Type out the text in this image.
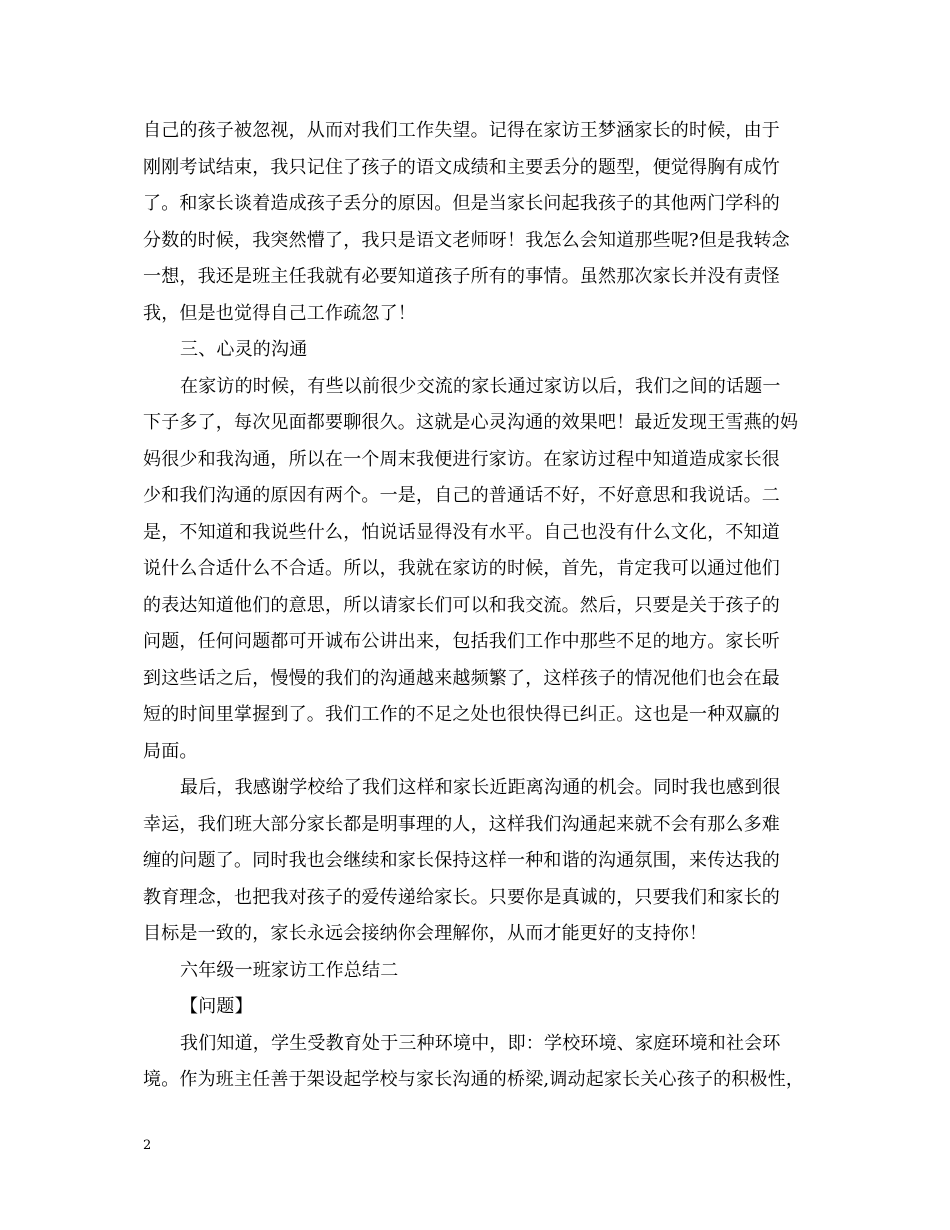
自己的孩子被忽视，从而对我们工作失望。记得在家访王梦涵家长的时候，由于
刚刚考试结束，我只记住了孩子的语文成绩和主要丢分的题型，便觉得胸有成竹
了。和家长谈着造成孩子丢分的原因。但是当家长问起我孩子的其他两门学科的
分数的时候，我突然懵了，我只是语文老师呀！我怎么会知道那些呢?但是我转念
一想，我还是班主任我就有必要知道孩子所有的事情。虽然那次家长并没有责怪
我，但是也觉得自己工作疏忽了！
三、心灵的沟通
在家访的时候，有些以前很少交流的家长通过家访以后，我们之间的话题一
下子多了，每次见面都要聊很久。这就是心灵沟通的效果吧！最近发现王雪燕的妈
妈很少和我沟通，所以在一个周末我便进行家访。在家访过程中知道造成家长很
少和我们沟通的原因有两个。一是，自己的普通话不好，不好意思和我说话。二
是，不知道和我说些什么，怕说话显得没有水平。自己也没有什么文化，不知道
说什么合适什么不合适。所以，我就在家访的时候，首先，肯定我可以通过他们
的表达知道他们的意思，所以请家长们可以和我交流。然后，只要是关于孩子的
问题，任何问题都可开诚布公讲出来，包括我们工作中那些不足的地方。家长听
到这些话之后，慢慢的我们的沟通越来越频繁了，这样孩子的情况他们也会在最
短的时间里掌握到了。我们工作的不足之处也很快得已纠正。这也是一种双赢的
局面。
最后，我感谢学校给了我们这样和家长近距离沟通的机会。同时我也感到很
幸运，我们班大部分家长都是明事理的人，这样我们沟通起来就不会有那么多难
缠的问题了。同时我也会继续和家长保持这样一种和谐的沟通氛围，来传达我的
教育理念，也把我对孩子的爱传递给家长。只要你是真诚的，只要我们和家长的
目标是一致的，家长永远会接纳你会理解你，从而才能更好的支持你！
六年级一班家访工作总结二
【问题】
我们知道，学生受教育处于三种环境中，即：学校环境、家庭环境和社会环
境。作为班主任善于架设起学校与家长沟通的桥梁,调动起家长关心孩子的积极性，
2
